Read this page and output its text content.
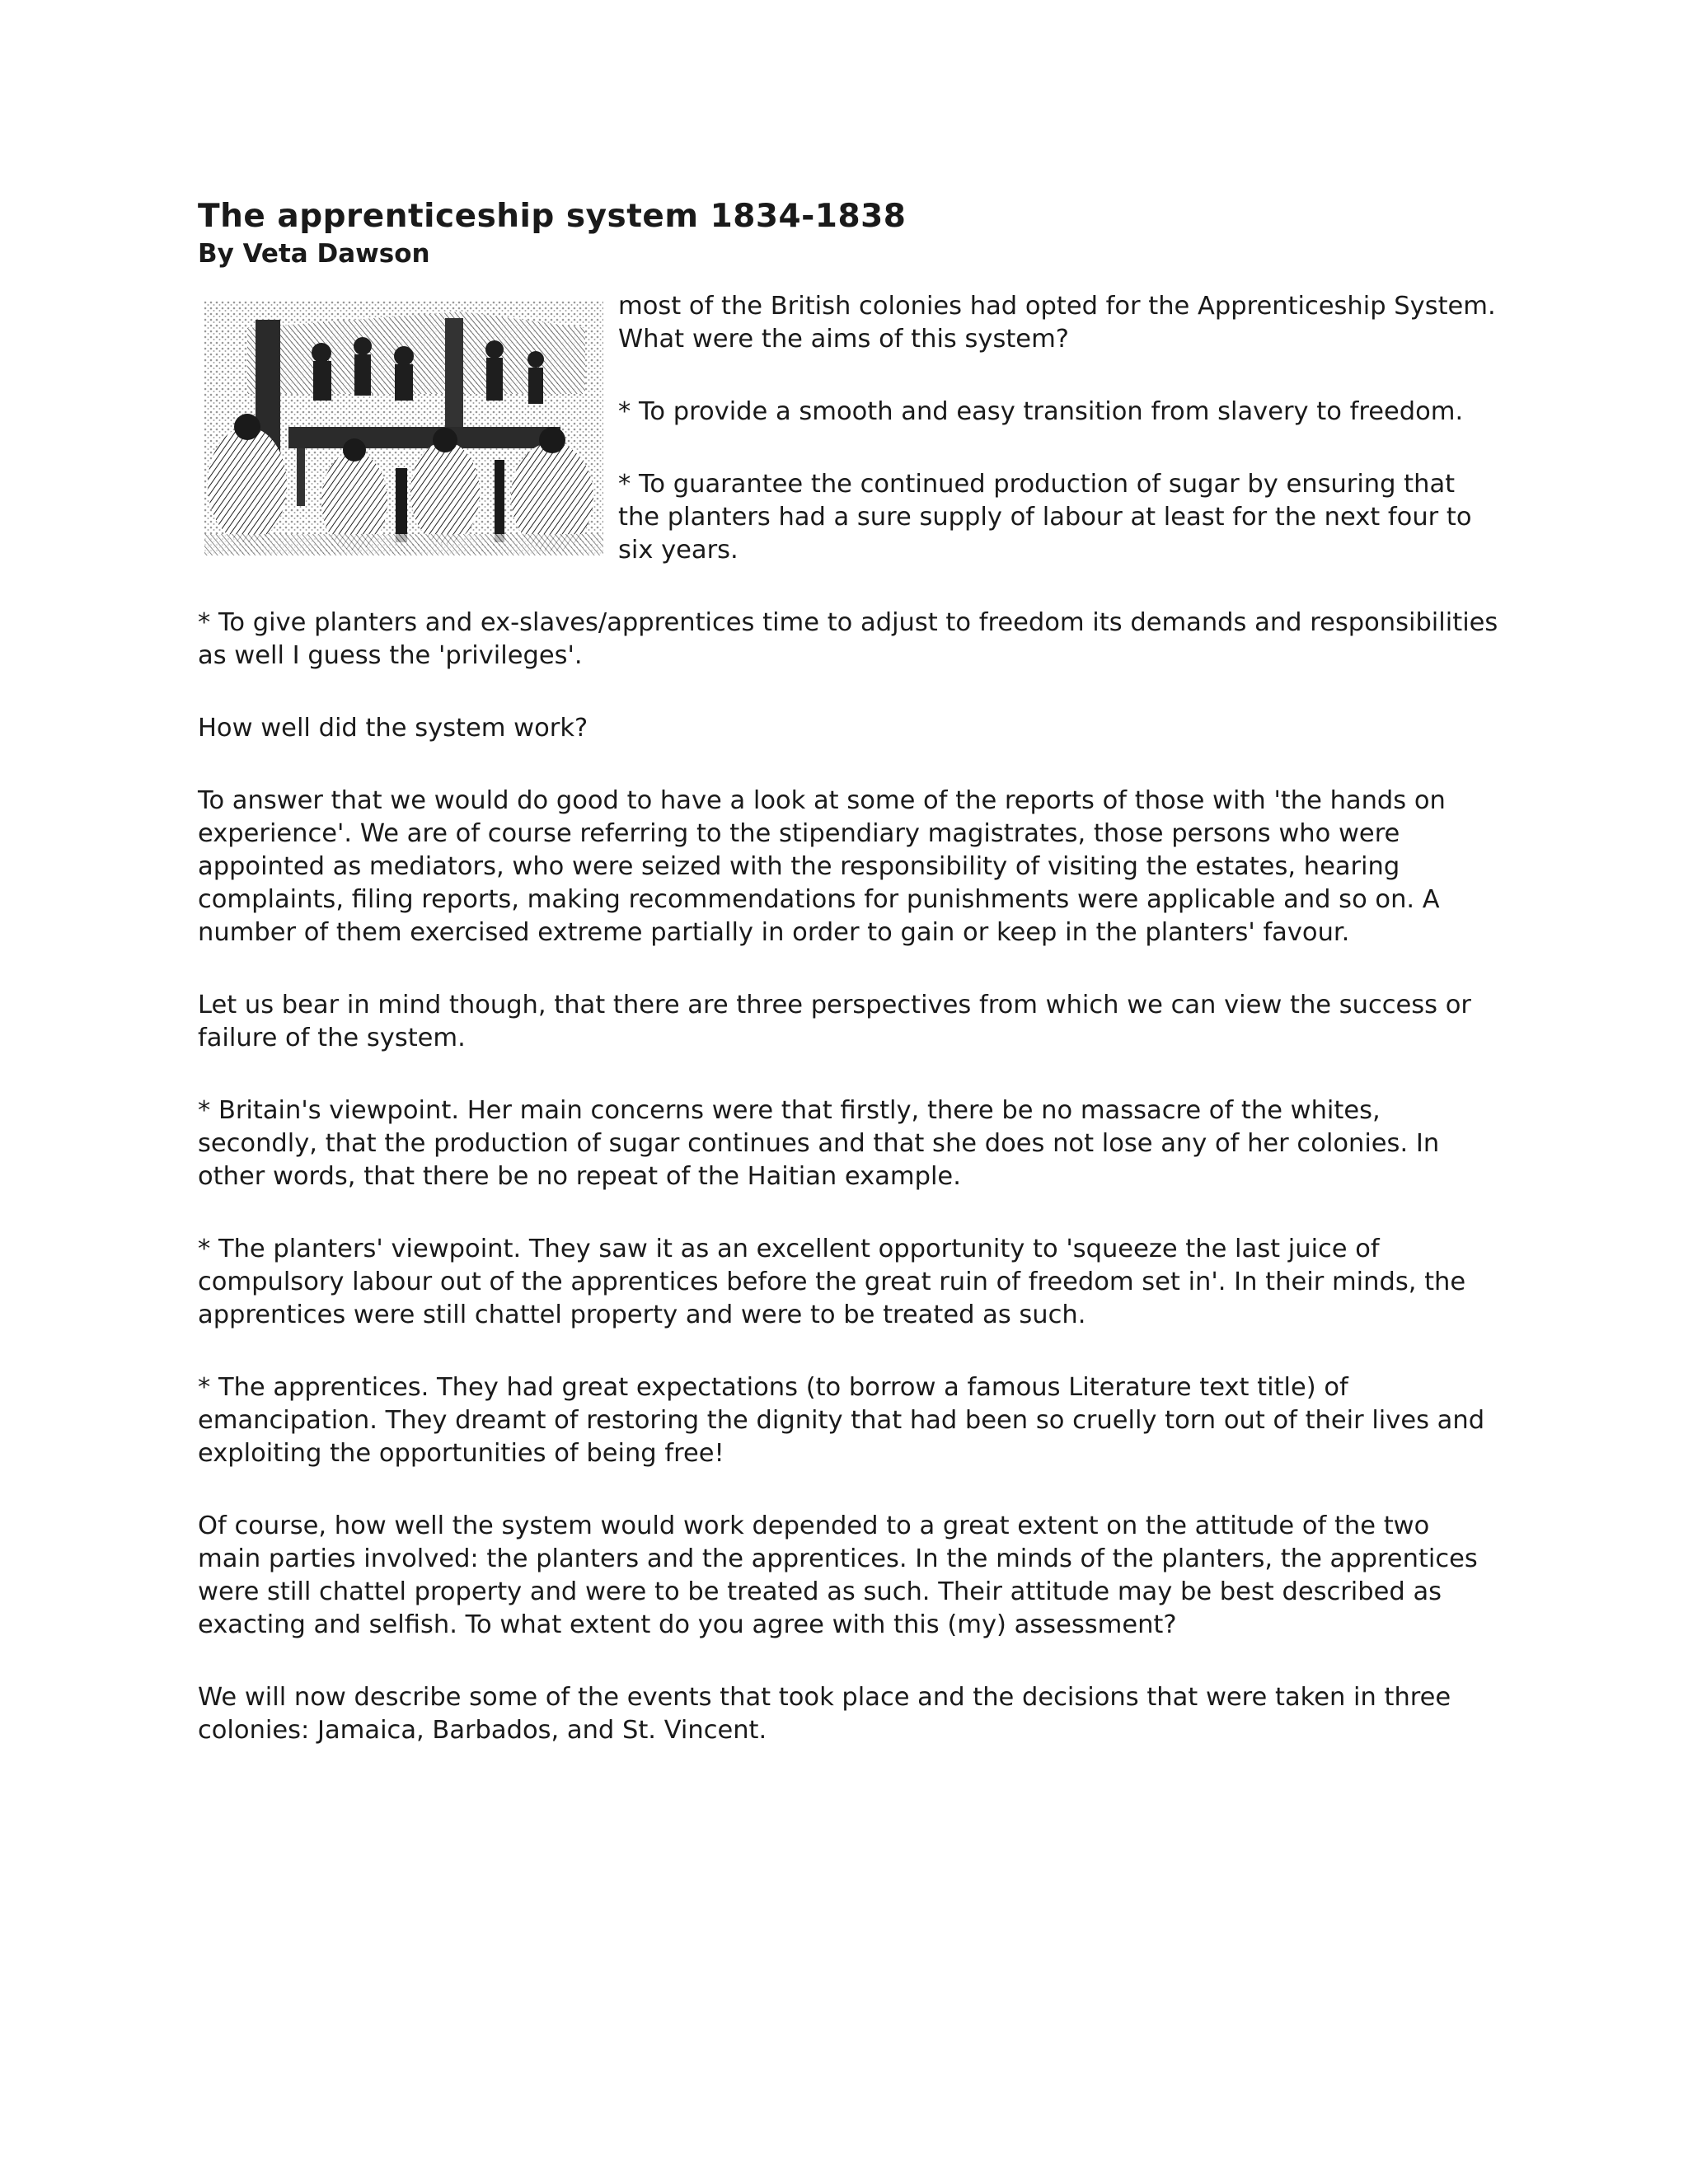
The apprenticeship system 1834-1838
By Veta Dawson

most of the British colonies had opted for the Apprenticeship System. What were the aims of this system?

* To provide a smooth and easy transition from slavery to freedom.

* To guarantee the continued production of sugar by ensuring that the planters had a sure supply of labour at least for the next four to six years.

* To give planters and ex-slaves/apprentices time to adjust to freedom its demands and responsibilities as well I guess the 'privileges'.

How well did the system work?

To answer that we would do good to have a look at some of the reports of those with 'the hands on experience'. We are of course referring to the stipendiary magistrates, those persons who were appointed as mediators, who were seized with the responsibility of visiting the estates, hearing complaints, filing reports, making recommendations for punishments were applicable and so on. A number of them exercised extreme partially in order to gain or keep in the planters' favour.

Let us bear in mind though, that there are three perspectives from which we can view the success or failure of the system.

* Britain's viewpoint. Her main concerns were that firstly, there be no massacre of the whites, secondly, that the production of sugar continues and that she does not lose any of her colonies. In other words, that there be no repeat of the Haitian example.

* The planters' viewpoint. They saw it as an excellent opportunity to 'squeeze the last juice of compulsory labour out of the apprentices before the great ruin of freedom set in'. In their minds, the apprentices were still chattel property and were to be treated as such.

* The apprentices. They had great expectations (to borrow a famous Literature text title) of emancipation. They dreamt of restoring the dignity that had been so cruelly torn out of their lives and exploiting the opportunities of being free!

Of course, how well the system would work depended to a great extent on the attitude of the two main parties involved: the planters and the apprentices. In the minds of the planters, the apprentices were still chattel property and were to be treated as such. Their attitude may be best described as exacting and selfish. To what extent do you agree with this (my) assessment?

We will now describe some of the events that took place and the decisions that were taken in three colonies: Jamaica, Barbados, and St. Vincent.
